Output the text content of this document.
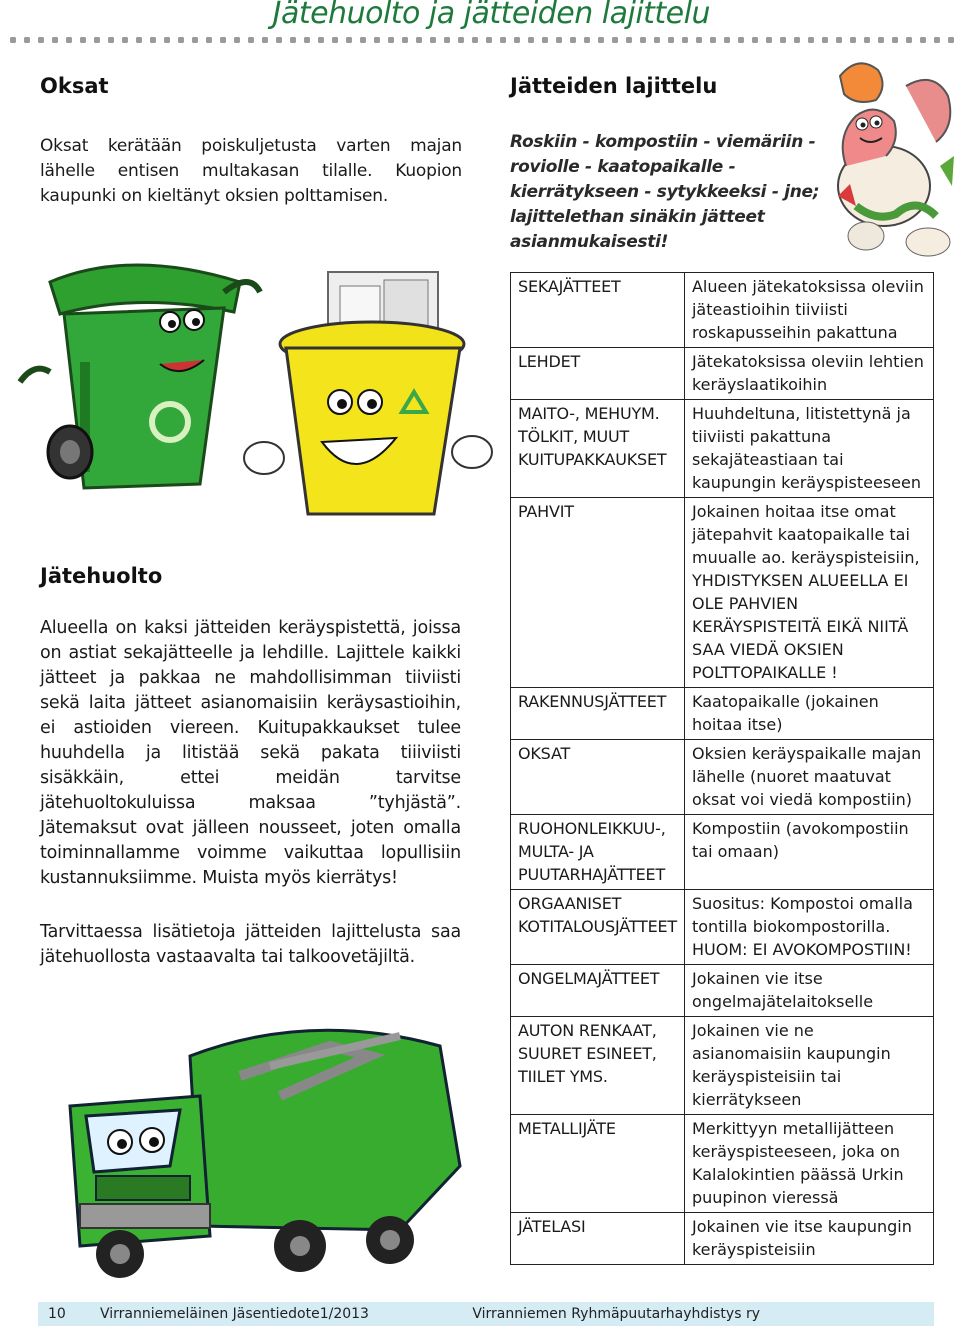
Jätehuolto ja jätteiden lajittelu
Oksat
Oksat kerätään poiskuljetusta varten majan lähelle entisen multakasan tilalle. Kuopion kaupunki on kieltänyt oksien polttamisen.
Jätteiden lajittelu
Roskiin - kompostiin - viemäriin - roviolle - kaatopaikalle - kierrätykseen - sytykkeeksi - jne; lajittelethan sinäkin jätteet asianmukaisesti!
Jätehuolto
Alueella on kaksi jätteiden keräyspistettä, joissa on astiat sekajätteelle ja lehdille. Lajittele kaikki jätteet ja pakkaa ne mahdollisimman tiiviisti sekä laita jätteet asianomaisiin keräysastioihin, ei astioiden viereen. Kuitupakkaukset tulee huuhdella ja litistää sekä pakata tiiiviisti sisäkkäin, ettei meidän tarvitse jätehuoltokuluissa maksaa ”tyhjästä”. Jätemaksut ovat jälleen nousseet, joten omalla toiminnallamme voimme vaikuttaa lopullisiin kustannuksiimme. Muista myös kierrätys!
Tarvittaessa lisätietoja jätteiden lajittelusta saa jätehuollosta vastaavalta tai talkoovetäjiltä.
SEKAJÄTTEET	Alueen jätekatoksissa oleviin jäteastioihin tiiviisti roskapusseihin pakattuna
LEHDET	Jätekatoksissa oleviin lehtien keräyslaatikoihin
MAITO-, MEHUYM. TÖLKIT, MUUT KUITUPAKKAUKSET	Huuhdeltuna, litistettynä ja tiiviisti pakattuna sekajäteastiaan tai kaupungin keräyspisteeseen
PAHVIT	Jokainen hoitaa itse omat jätepahvit kaatopaikalle tai muualle ao. keräyspisteisiin, YHDISTYKSEN ALUEELLA EI OLE PAHVIEN KERÄYSPISTEITÄ EIKÄ NIITÄ SAA VIEDÄ OKSIEN POLTTOPAIKALLE !
RAKENNUSJÄTTEET	Kaatopaikalle (jokainen hoitaa itse)
OKSAT	Oksien keräyspaikalle majan lähelle (nuoret maatuvat oksat voi viedä kompostiin)
RUOHONLEIKKUU-, MULTA- JA PUUTARHAJÄTTEET	Kompostiin (avokompostiin tai omaan)
ORGAANISET KOTITALOUSJÄTTEET	Suositus: Kompostoi omalla tontilla biokompostorilla. HUOM: EI AVOKOMPOSTIIN!
ONGELMAJÄTTEET	Jokainen vie itse ongelmajätelaitokselle
AUTON RENKAAT, SUURET ESINEET, TIILET YMS.	Jokainen vie ne asianomaisiin kaupungin keräyspisteisiin tai kierrätykseen
METALLIJÄTE	Merkittyyn metallijätteen keräyspisteeseen, joka on Kalalokintien päässä Urkin puupinon vieressä
JÄTELASI	Jokainen vie itse kaupungin keräyspisteisiin
10 Virranniemeläinen Jäsentiedote1/2013	Virranniemen Ryhmäpuutarhayhdistys ry
